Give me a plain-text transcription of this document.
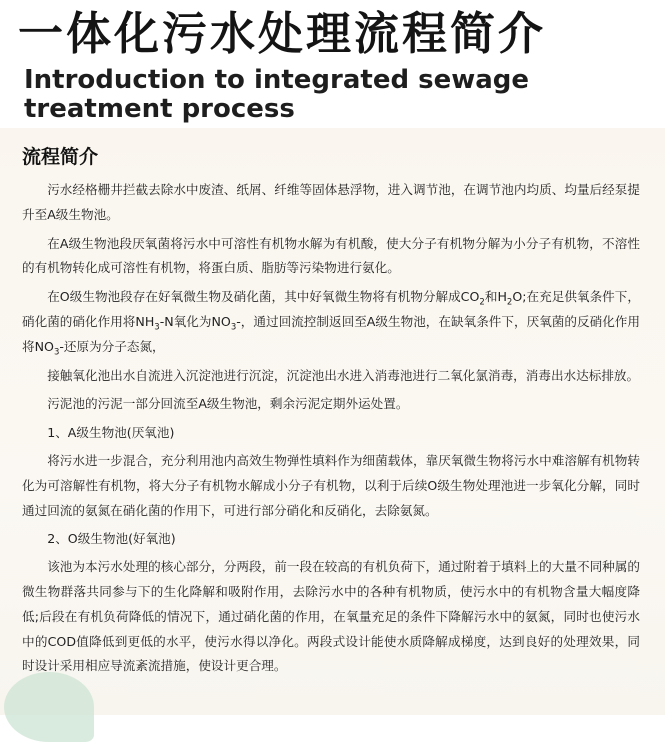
一体化污水处理流程简介
Introduction to integrated sewage treatment process
流程简介

污水经格栅井拦截去除水中废渣、纸屑、纤维等固体悬浮物，进入调节池，在调节池内均质、均量后经泵提升至A级生物池。

在A级生物池段厌氧菌将污水中可溶性有机物水解为有机酸，使大分子有机物分解为小分子有机物，不溶性的有机物转化成可溶性有机物，将蛋白质、脂肪等污染物进行氨化。

在O级生物池段存在好氧微生物及硝化菌，其中好氧微生物将有机物分解成$CO_2$和$H_2O$;在充足供氧条件下，硝化菌的硝化作用将$NH_3-N$氧化为$NO_3-$，通过回流控制返回至A级生物池，在缺氧条件下，厌氧菌的反硝化作用将$NO_3-$还原为分子态氮，

接触氧化池出水自流进入沉淀池进行沉淀，沉淀池出水进入消毒池进行二氧化氯消毒，消毒出水达标排放。

污泥池的污泥一部分回流至A级生物池，剩余污泥定期外运处置。

1、A级生物池(厌氧池)

将污水进一步混合，充分利用池内高效生物弹性填料作为细菌载体，靠厌氧微生物将污水中难溶解有机物转化为可溶解性有机物，将大分子有机物水解成小分子有机物，以利于后续O级生物处理池进一步氧化分解，同时通过回流的氨氮在硝化菌的作用下，可进行部分硝化和反硝化，去除氨氮。

2、O级生物池(好氧池)

该池为本污水处理的核心部分，分两段，前一段在较高的有机负荷下，通过附着于填料上的大量不同种属的微生物群落共同参与下的生化降解和吸附作用，去除污水中的各种有机物质，使污水中的有机物含量大幅度降低;后段在有机负荷降低的情况下，通过硝化菌的作用，在氧量充足的条件下降解污水中的氨氮，同时也使污水中的COD值降低到更低的水平，使污水得以净化。两段式设计能使水质降解成梯度，达到良好的处理效果，同时设计采用相应导流紊流措施，使设计更合理。
